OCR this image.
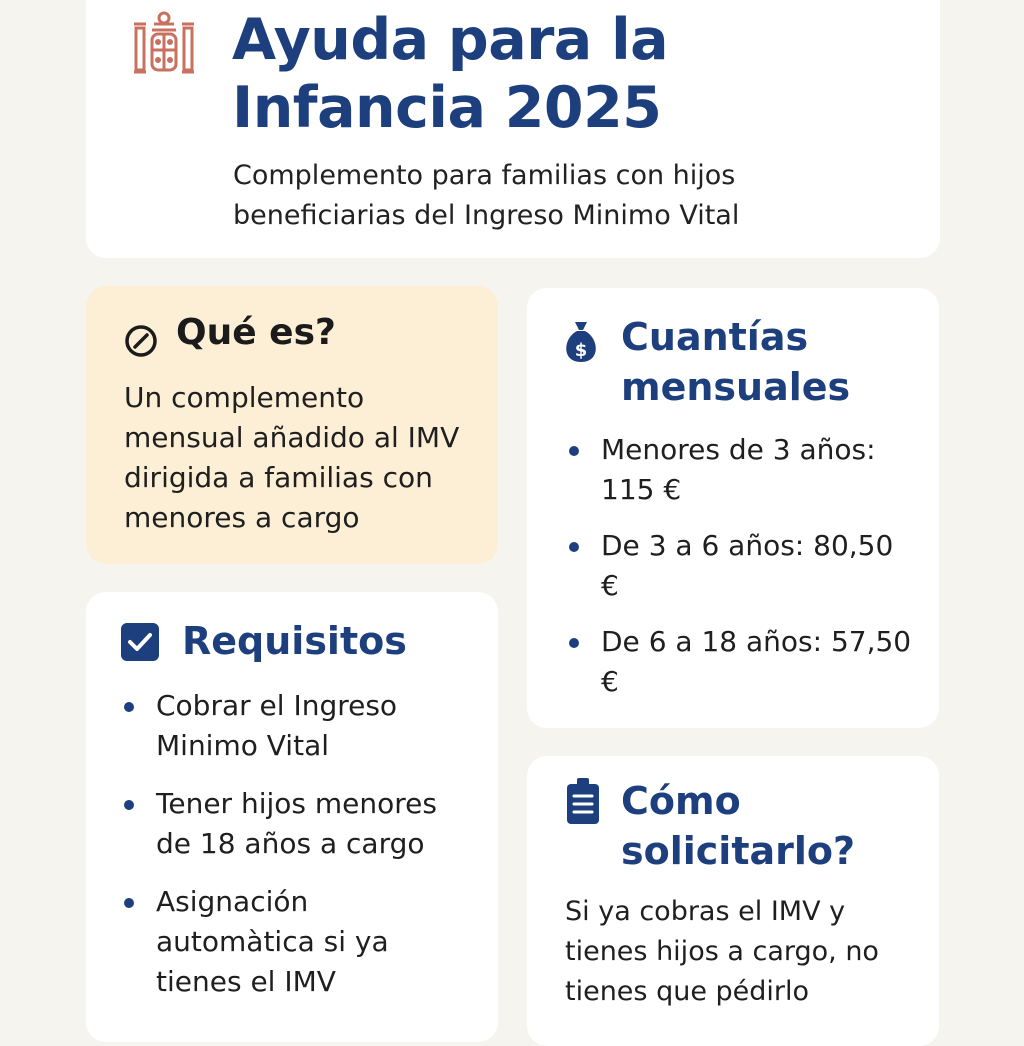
Ayuda para la
Infancia 2025

Complemento para familias con hijos
beneficiarias del Ingreso Minimo Vital

Qué es?

Un complemento mensual añadido al IMV dirigida a familias con menores a cargo

Requisitos
Cobrar el Ingreso Minimo Vital
Tener hijos menores de 18 años a cargo
Asignación automàtica si ya tienes el IMV
$ Cuantías
mensuales
Menores de 3 años: 115 €
De 3 a 6 años: 80,50 €
De 6 a 18 años: 57,50 €
Cómo
solicitarlo?

Si ya cobras el IMV y tienes hijos a cargo, no tienes que pédirlo
